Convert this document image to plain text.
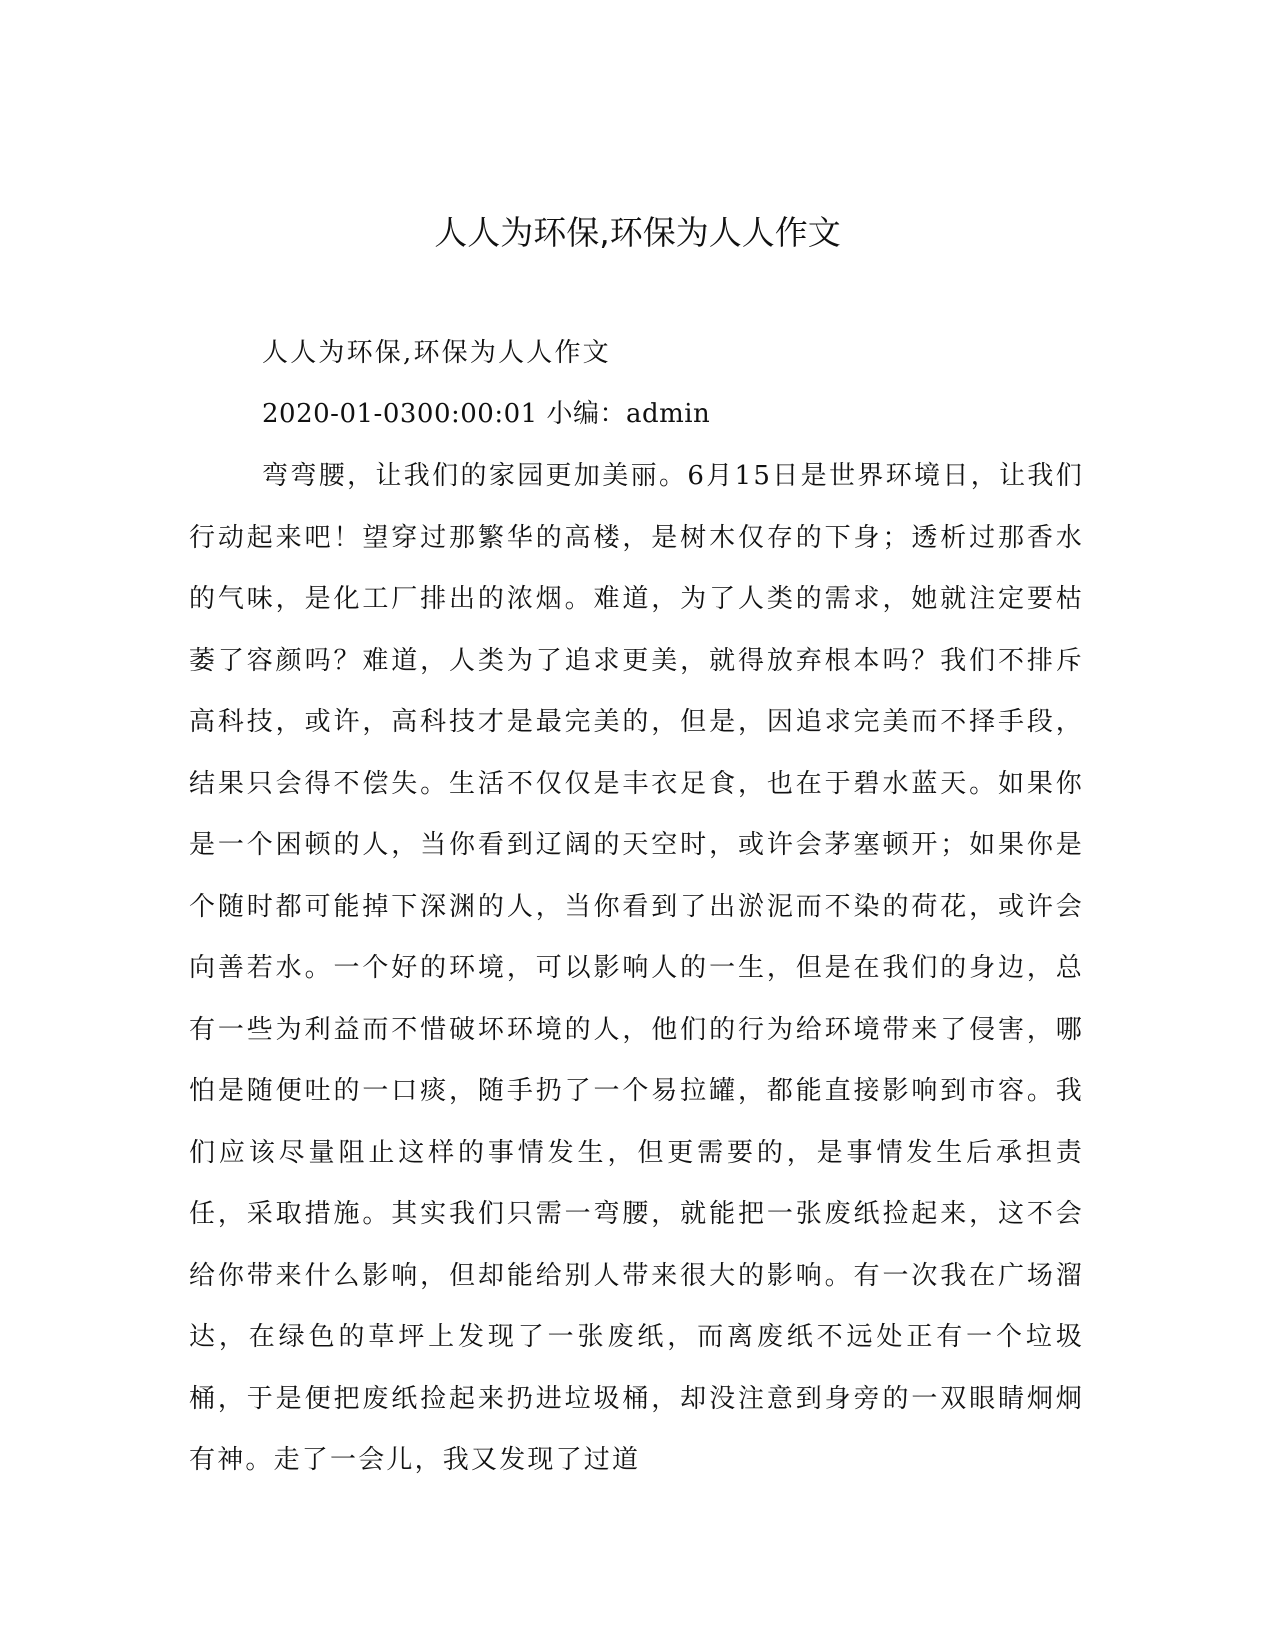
人人为环保,环保为人人作文
人人为环保,环保为人人作文
2020-01-0300:00:01 小编：admin
弯弯腰，让我们的家园更加美丽。6月15日是世界环境日，让我们行动起来吧！望穿过那繁华的高楼，是树木仅存的下身；透析过那香水的气味，是化工厂排出的浓烟。难道，为了人类的需求，她就注定要枯萎了容颜吗？难道，人类为了追求更美，就得放弃根本吗？我们不排斥高科技，或许，高科技才是最完美的，但是，因追求完美而不择手段，结果只会得不偿失。生活不仅仅是丰衣足食，也在于碧水蓝天。如果你是一个困顿的人，当你看到辽阔的天空时，或许会茅塞顿开；如果你是个随时都可能掉下深渊的人，当你看到了出淤泥而不染的荷花，或许会向善若水。一个好的环境，可以影响人的一生，但是在我们的身边，总有一些为利益而不惜破坏环境的人，他们的行为给环境带来了侵害，哪怕是随便吐的一口痰，随手扔了一个易拉罐，都能直接影响到市容。我们应该尽量阻止这样的事情发生，但更需要的，是事情发生后承担责任，采取措施。其实我们只需一弯腰，就能把一张废纸捡起来，这不会给你带来什么影响，但却能给别人带来很大的影响。有一次我在广场溜达，在绿色的草坪上发现了一张废纸，而离废纸不远处正有一个垃圾桶，于是便把废纸捡起来扔进垃圾桶，却没注意到身旁的一双眼睛炯炯有神。走了一会儿，我又发现了过道
